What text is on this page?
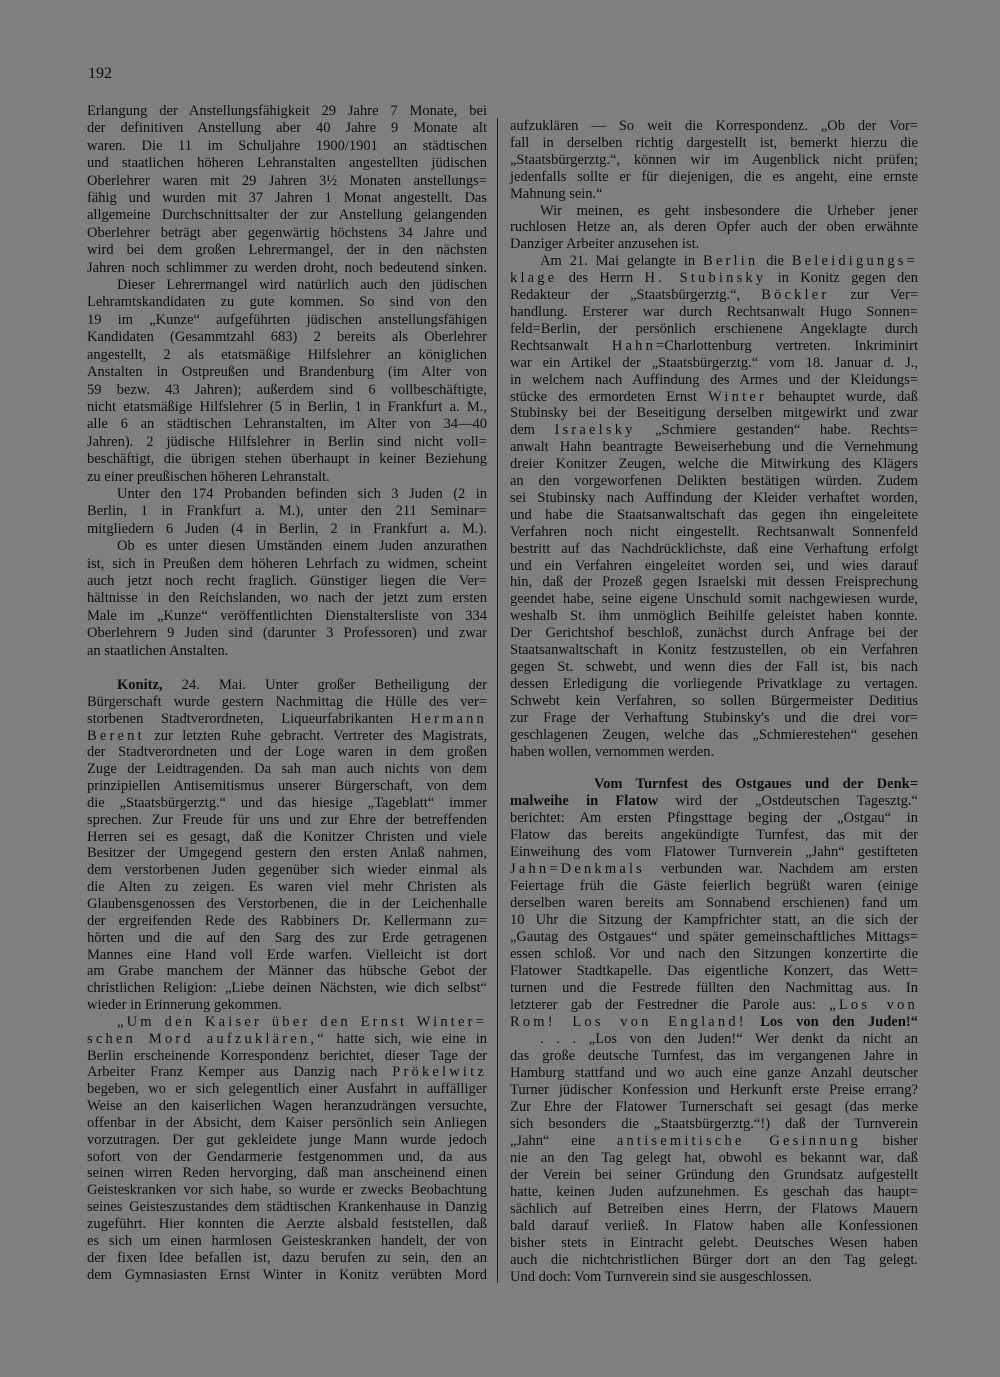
192
Erlangung der Anstellungsfähigkeit 29 Jahre 7 Monate, bei
der definitiven Anstellung aber 40 Jahre 9 Monate alt
waren. Die 11 im Schuljahre 1900/1901 an städtischen
und staatlichen höheren Lehranstalten angestellten jüdischen
Oberlehrer waren mit 29 Jahren 3½ Monaten anstellungs=
fähig und wurden mit 37 Jahren 1 Monat angestellt. Das
allgemeine Durchschnittsalter der zur Anstellung gelangenden
Oberlehrer beträgt aber gegenwärtig höchstens 34 Jahre und
wird bei dem großen Lehrermangel, der in den nächsten
Jahren noch schlimmer zu werden droht, noch bedeutend sinken.
Dieser Lehrermangel wird natürlich auch den jüdischen
Lehramtskandidaten zu gute kommen. So sind von den
19 im „Kunze“ aufgeführten jüdischen anstellungsfähigen
Kandidaten (Gesammtzahl 683) 2 bereits als Oberlehrer
angestellt, 2 als etatsmäßige Hilfslehrer an königlichen
Anstalten in Ostpreußen und Brandenburg (im Alter von
59 bezw. 43 Jahren); außerdem sind 6 vollbeschäftigte,
nicht etatsmäßige Hilfslehrer (5 in Berlin, 1 in Frankfurt a. M.,
alle 6 an städtischen Lehranstalten, im Alter von 34—40
Jahren). 2 jüdische Hilfslehrer in Berlin sind nicht voll=
beschäftigt, die übrigen stehen überhaupt in keiner Beziehung
zu einer preußischen höheren Lehranstalt.
Unter den 174 Probanden befinden sich 3 Juden (2 in
Berlin, 1 in Frankfurt a. M.), unter den 211 Seminar=
mitgliedern 6 Juden (4 in Berlin, 2 in Frankfurt a. M.).
Ob es unter diesen Umständen einem Juden anzurathen
ist, sich in Preußen dem höheren Lehrfach zu widmen, scheint
auch jetzt noch recht fraglich. Günstiger liegen die Ver=
hältnisse in den Reichslanden, wo nach der jetzt zum ersten
Male im „Kunze“ veröffentlichten Dienstaltersliste von 334
Oberlehrern 9 Juden sind (darunter 3 Professoren) und zwar
an staatlichen Anstalten.
Konitz, 24. Mai. Unter großer Betheiligung der
Bürgerschaft wurde gestern Nachmittag die Hülle des ver=
storbenen Stadtverordneten, Liqueurfabrikanten Hermann
Berent zur letzten Ruhe gebracht. Vertreter des Magistrats,
der Stadtverordneten und der Loge waren in dem großen
Zuge der Leidtragenden. Da sah man auch nichts von dem
prinzipiellen Antisemitismus unserer Bürgerschaft, von dem
die „Staatsbürgerztg.“ und das hiesige „Tageblatt“ immer
sprechen. Zur Freude für uns und zur Ehre der betreffenden
Herren sei es gesagt, daß die Konitzer Christen und viele
Besitzer der Umgegend gestern den ersten Anlaß nahmen,
dem verstorbenen Juden gegenüber sich wieder einmal als
die Alten zu zeigen. Es waren viel mehr Christen als
Glaubensgenossen des Verstorbenen, die in der Leichenhalle
der ergreifenden Rede des Rabbiners Dr. Kellermann zu=
hörten und die auf den Sarg des zur Erde getragenen
Mannes eine Hand voll Erde warfen. Vielleicht ist dort
am Grabe manchem der Männer das hübsche Gebot der
christlichen Religion: „Liebe deinen Nächsten, wie dich selbst“
wieder in Erinnerung gekommen.
„Um den Kaiser über den Ernst Winter=
schen Mord aufzuklären,“ hatte sich, wie eine in
Berlin erscheinende Korrespondenz berichtet, dieser Tage der
Arbeiter Franz Kemper aus Danzig nach Prökelwitz
begeben, wo er sich gelegentlich einer Ausfahrt in auffälliger
Weise an den kaiserlichen Wagen heranzudrängen versuchte,
offenbar in der Absicht, dem Kaiser persönlich sein Anliegen
vorzutragen. Der gut gekleidete junge Mann wurde jedoch
sofort von der Gendarmerie festgenommen und, da aus
seinen wirren Reden hervorging, daß man anscheinend einen
Geisteskranken vor sich habe, so wurde er zwecks Beobachtung
seines Geisteszustandes dem städtischen Krankenhause in Danzig
zugeführt. Hier konnten die Aerzte alsbald feststellen, daß
es sich um einen harmlosen Geisteskranken handelt, der von
der fixen Idee befallen ist, dazu berufen zu sein, den an
dem Gymnasiasten Ernst Winter in Konitz verübten Mord
aufzuklären — So weit die Korrespondenz. „Ob der Vor=
fall in derselben richtig dargestellt ist, bemerkt hierzu die
„Staatsbürgerztg.“, können wir im Augenblick nicht prüfen;
jedenfalls sollte er für diejenigen, die es angeht, eine ernste
Mahnung sein.“
Wir meinen, es geht insbesondere die Urheber jener
ruchlosen Hetze an, als deren Opfer auch der oben erwähnte
Danziger Arbeiter anzusehen ist.
Am 21. Mai gelangte in Berlin die Beleidigungs=
klage des Herrn H. Stubinsky in Konitz gegen den
Redakteur der „Staatsbürgerztg.“, Böckler zur Ver=
handlung. Ersterer war durch Rechtsanwalt Hugo Sonnen=
feld=Berlin, der persönlich erschienene Angeklagte durch
Rechtsanwalt Hahn=Charlottenburg vertreten. Inkriminirt
war ein Artikel der „Staatsbürgerztg.“ vom 18. Januar d. J.,
in welchem nach Auffindung des Armes und der Kleidungs=
stücke des ermordeten Ernst Winter behauptet wurde, daß
Stubinsky bei der Beseitigung derselben mitgewirkt und zwar
dem Israelsky „Schmiere gestanden“ habe. Rechts=
anwalt Hahn beantragte Beweiserhebung und die Vernehmung
dreier Konitzer Zeugen, welche die Mitwirkung des Klägers
an den vorgeworfenen Delikten bestätigen würden. Zudem
sei Stubinsky nach Auffindung der Kleider verhaftet worden,
und habe die Staatsanwaltschaft das gegen ihn eingeleitete
Verfahren noch nicht eingestellt. Rechtsanwalt Sonnenfeld
bestritt auf das Nachdrücklichste, daß eine Verhaftung erfolgt
und ein Verfahren eingeleitet worden sei, und wies darauf
hin, daß der Prozeß gegen Israelski mit dessen Freisprechung
geendet habe, seine eigene Unschuld somit nachgewiesen wurde,
weshalb St. ihm unmöglich Beihilfe geleistet haben konnte.
Der Gerichtshof beschloß, zunächst durch Anfrage bei der
Staatsanwaltschaft in Konitz festzustellen, ob ein Verfahren
gegen St. schwebt, und wenn dies der Fall ist, bis nach
dessen Erledigung die vorliegende Privatklage zu vertagen.
Schwebt kein Verfahren, so sollen Bürgermeister Deditius
zur Frage der Verhaftung Stubinsky's und die drei vor=
geschlagenen Zeugen, welche das „Schmierestehen“ gesehen
haben wollen, vernommen werden.
Vom Turnfest des Ostgaues und der Denk=
malweihe in Flatow wird der „Ostdeutschen Tagesztg.“
berichtet: Am ersten Pfingsttage beging der „Ostgau“ in
Flatow das bereits angekündigte Turnfest, das mit der
Einweihung des vom Flatower Turnverein „Jahn“ gestifteten
Jahn=Denkmals verbunden war. Nachdem am ersten
Feiertage früh die Gäste feierlich begrüßt waren (einige
derselben waren bereits am Sonnabend erschienen) fand um
10 Uhr die Sitzung der Kampfrichter statt, an die sich der
„Gautag des Ostgaues“ und später gemeinschaftliches Mittags=
essen schloß. Vor und nach den Sitzungen konzertirte die
Flatower Stadtkapelle. Das eigentliche Konzert, das Wett=
turnen und die Festrede füllten den Nachmittag aus. In
letzterer gab der Festredner die Parole aus: „Los von
Rom! Los von England! Los von den Juden!“
. . . „Los von den Juden!“ Wer denkt da nicht an
das große deutsche Turnfest, das im vergangenen Jahre in
Hamburg stattfand und wo auch eine ganze Anzahl deutscher
Turner jüdischer Konfession und Herkunft erste Preise errang?
Zur Ehre der Flatower Turnerschaft sei gesagt (das merke
sich besonders die „Staatsbürgerztg.“!) daß der Turnverein
„Jahn“ eine antisemitische Gesinnung bisher
nie an den Tag gelegt hat, obwohl es bekannt war, daß
der Verein bei seiner Gründung den Grundsatz aufgestellt
hatte, keinen Juden aufzunehmen. Es geschah das haupt=
sächlich auf Betreiben eines Herrn, der Flatows Mauern
bald darauf verließ. In Flatow haben alle Konfessionen
bisher stets in Eintracht gelebt. Deutsches Wesen haben
auch die nichtchristlichen Bürger dort an den Tag gelegt.
Und doch: Vom Turnverein sind sie ausgeschlossen.
